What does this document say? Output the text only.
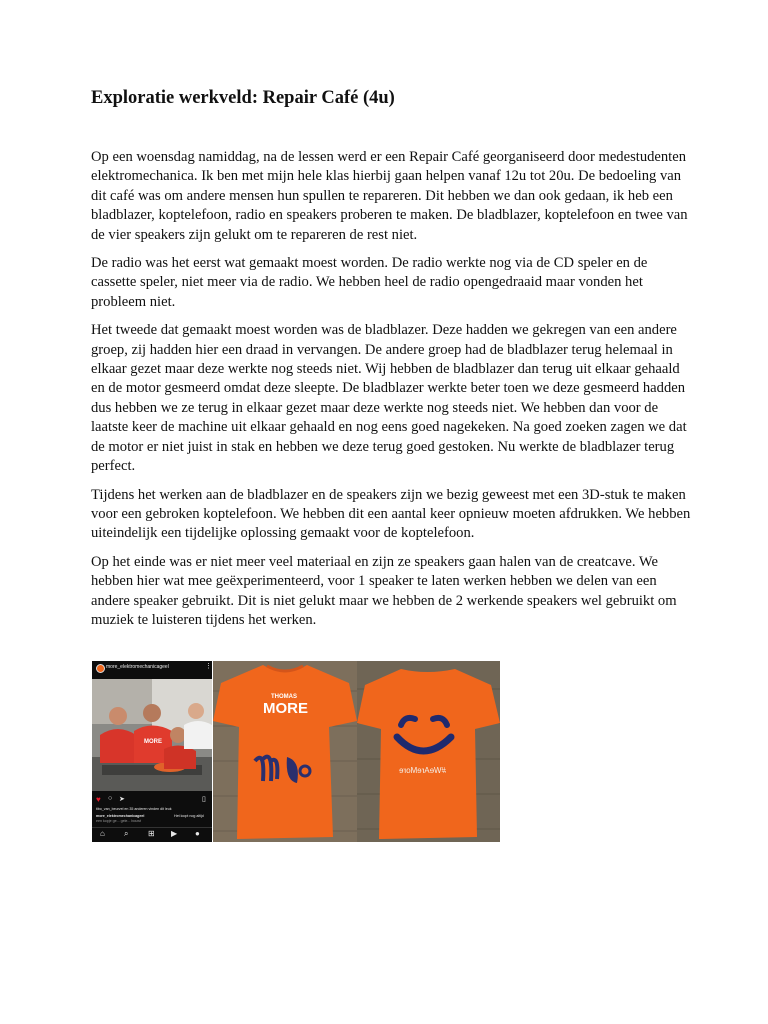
Exploratie werkveld: Repair Café (4u)

Op een woensdag namiddag, na de lessen werd er een Repair Café georganiseerd door medestudenten elektromechanica. Ik ben met mijn hele klas hierbij gaan helpen vanaf 12u tot 20u. De bedoeling van dit café was om andere mensen hun spullen te repareren. Dit hebben we dan ook gedaan, ik heb een bladblazer, koptelefoon, radio en speakers proberen te maken. De bladblazer, koptelefoon en twee van de vier speakers zijn gelukt om te repareren de rest niet.

De radio was het eerst wat gemaakt moest worden. De radio werkte nog via de CD speler en de cassette speler, niet meer via de radio. We hebben heel de radio opengedraaid maar vonden het probleem niet.

Het tweede dat gemaakt moest worden was de bladblazer. Deze hadden we gekregen van een andere groep, zij hadden hier een draad in vervangen. De andere groep had de bladblazer terug helemaal in elkaar gezet maar deze werkte nog steeds niet. Wij hebben de bladblazer dan terug uit elkaar gehaald en de motor gesmeerd omdat deze sleepte. De bladblazer werkte beter toen we deze gesmeerd hadden dus hebben we ze terug in elkaar gezet maar deze werkte nog steeds niet. We hebben dan voor de laatste keer de machine uit elkaar gehaald en nog eens goed nagekeken. Na goed zoeken zagen we dat de motor er niet juist in stak en hebben we deze terug goed gestoken. Nu werkte de bladblazer terug perfect.

Tijdens het werken aan de bladblazer en de speakers zijn we bezig geweest met een 3D-stuk te maken voor een gebroken koptelefoon. We hebben dit een aantal keer opnieuw moeten afdrukken. We hebben uiteindelijk een tijdelijke oplossing gemaakt voor de koptelefoon.

Op het einde was er niet meer veel materiaal en zijn ze speakers gaan halen van de creatcave. We hebben hier wat mee geëxperimenteerd, voor 1 speaker te laten werken hebben we delen van een andere speaker gebruikt. Dit is niet gelukt maar we hebben de 2 werkende speakers wel gebruikt om muziek te luisteren tijdens het werken.

more_elektromechanicageel	⋮
MORE
♥ ○ ➤	▯
tibo_van_beurvel en 35 anderen vinden dit leuk
more_elektromechanicageel	Het loopt nog altijd
een kopje ge... gele... bouwt
⌂ ⌕ ⊞ ▶ ●
THOMAS
MORE
#WeAreMore
